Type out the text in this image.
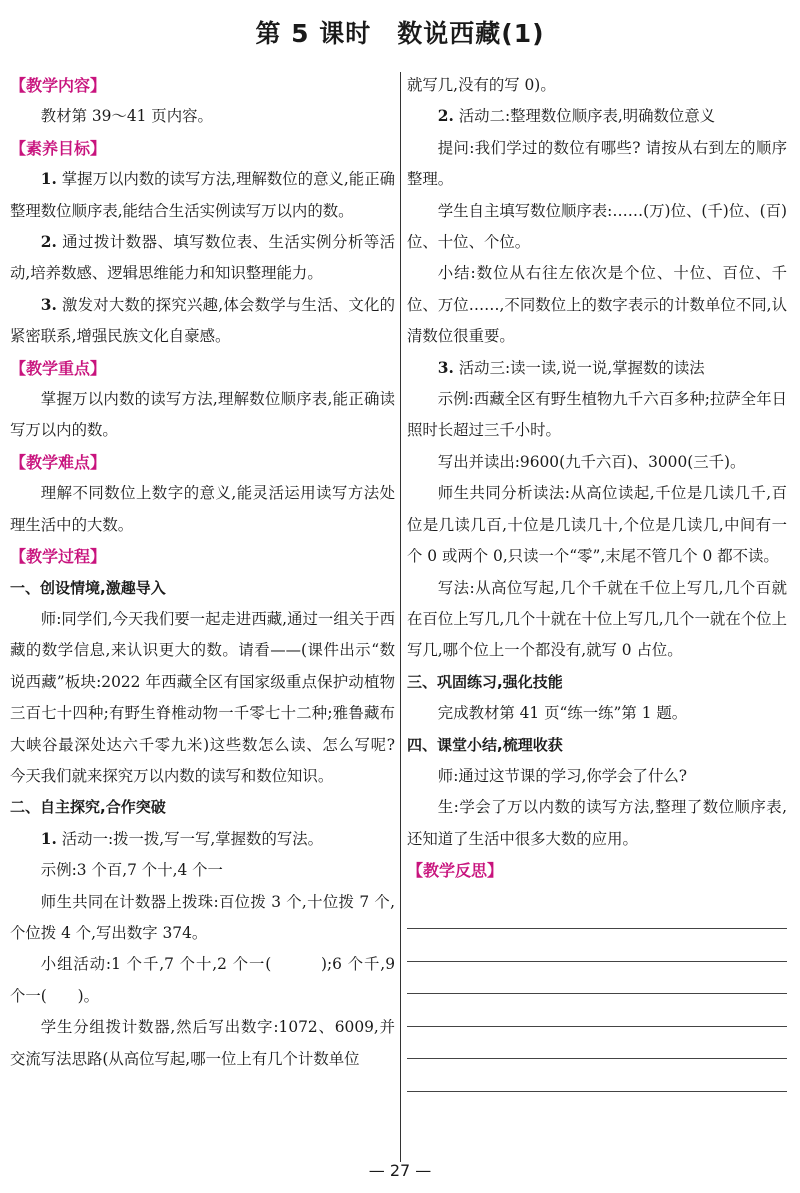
第 5 课时　数说西藏(1)
【教学内容】

教材第 39～41 页内容。

【素养目标】

1. 掌握万以内数的读写方法,理解数位的意义,能正确整理数位顺序表,能结合生活实例读写万以内的数。

2. 通过拨计数器、填写数位表、生活实例分析等活动,培养数感、逻辑思维能力和知识整理能力。

3. 激发对大数的探究兴趣,体会数学与生活、文化的紧密联系,增强民族文化自豪感。

【教学重点】

掌握万以内数的读写方法,理解数位顺序表,能正确读写万以内的数。

【教学难点】

理解不同数位上数字的意义,能灵活运用读写方法处理生活中的大数。

【教学过程】
一、创设情境,激趣导入

师:同学们,今天我们要一起走进西藏,通过一组关于西藏的数学信息,来认识更大的数。请看——(课件出示“数说西藏”板块:2022 年西藏全区有国家级重点保护动植物三百七十四种;有野生脊椎动物一千零七十二种;雅鲁藏布大峡谷最深处达六千零九米)这些数怎么读、怎么写呢? 今天我们就来探究万以内数的读写和数位知识。

二、自主探究,合作突破

1. 活动一:拨一拨,写一写,掌握数的写法。

示例:3 个百,7 个十,4 个一

师生共同在计数器上拨珠:百位拨 3 个,十位拨 7 个,个位拨 4 个,写出数字 374。

小组活动:1 个千,7 个十,2 个一(　　　);6 个千,9 个一(　　)。

学生分组拨计数器,然后写出数字:1072、6009,并交流写法思路(从高位写起,哪一位上有几个计数单位

就写几,没有的写 0)。

2. 活动二:整理数位顺序表,明确数位意义

提问:我们学过的数位有哪些? 请按从右到左的顺序整理。

学生自主填写数位顺序表:……(万)位、(千)位、(百)位、十位、个位。

小结:数位从右往左依次是个位、十位、百位、千位、万位……,不同数位上的数字表示的计数单位不同,认清数位很重要。

3. 活动三:读一读,说一说,掌握数的读法

示例:西藏全区有野生植物九千六百多种;拉萨全年日照时长超过三千小时。

写出并读出:9600(九千六百)、3000(三千)。

师生共同分析读法:从高位读起,千位是几读几千,百位是几读几百,十位是几读几十,个位是几读几,中间有一个 0 或两个 0,只读一个“零”,末尾不管几个 0 都不读。

写法:从高位写起,几个千就在千位上写几,几个百就在百位上写几,几个十就在十位上写几,几个一就在个位上写几,哪个位上一个都没有,就写 0 占位。

三、巩固练习,强化技能

完成教材第 41 页“练一练”第 1 题。

四、课堂小结,梳理收获

师:通过这节课的学习,你学会了什么?

生:学会了万以内数的读写方法,整理了数位顺序表,还知道了生活中很多大数的应用。

【教学反思】
— 27 —
